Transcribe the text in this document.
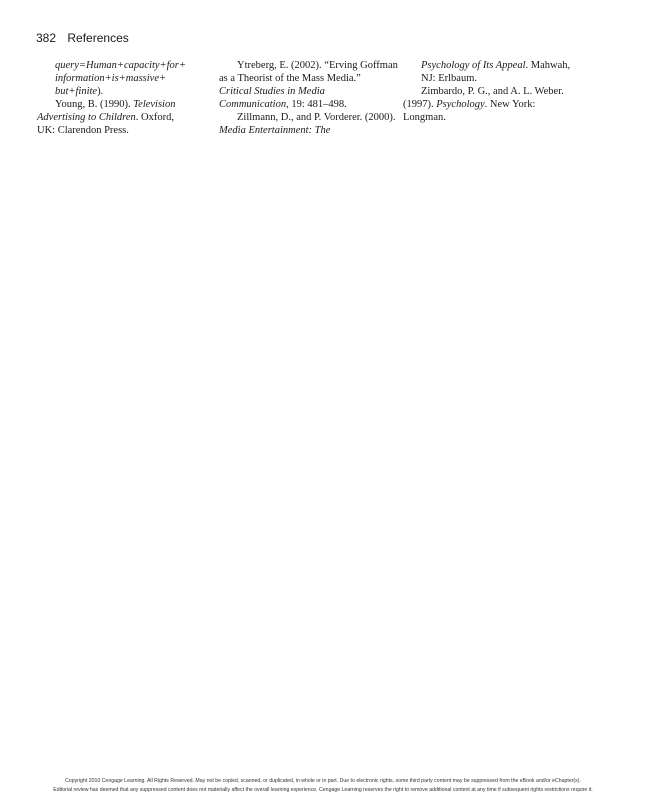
382 References

query=Human+capacity+for+
information+is+massive+
but+finite).

Young, B. (1990). Television
Advertising to Children. Oxford,
UK: Clarendon Press.

Ytreberg, E. (2002). “Erving Goffman
as a Theorist of the Mass Media.”
Critical Studies in Media
Communication, 19: 481–498.

Zillmann, D., and P. Vorderer. (2000).
Media Entertainment: The

Psychology of Its Appeal. Mahwah,
NJ: Erlbaum.

Zimbardo, P. G., and A. L. Weber.
(1997). Psychology. New York:
Longman.

Copyright 2010 Cengage Learning. All Rights Reserved. May not be copied, scanned, or duplicated, in whole or in part. Due to electronic rights, some third party content may be suppressed from the eBook and/or eChapter(s).
Editorial review has deemed that any suppressed content does not materially affect the overall learning experience. Cengage Learning reserves the right to remove additional content at any time if subsequent rights restrictions require it.
